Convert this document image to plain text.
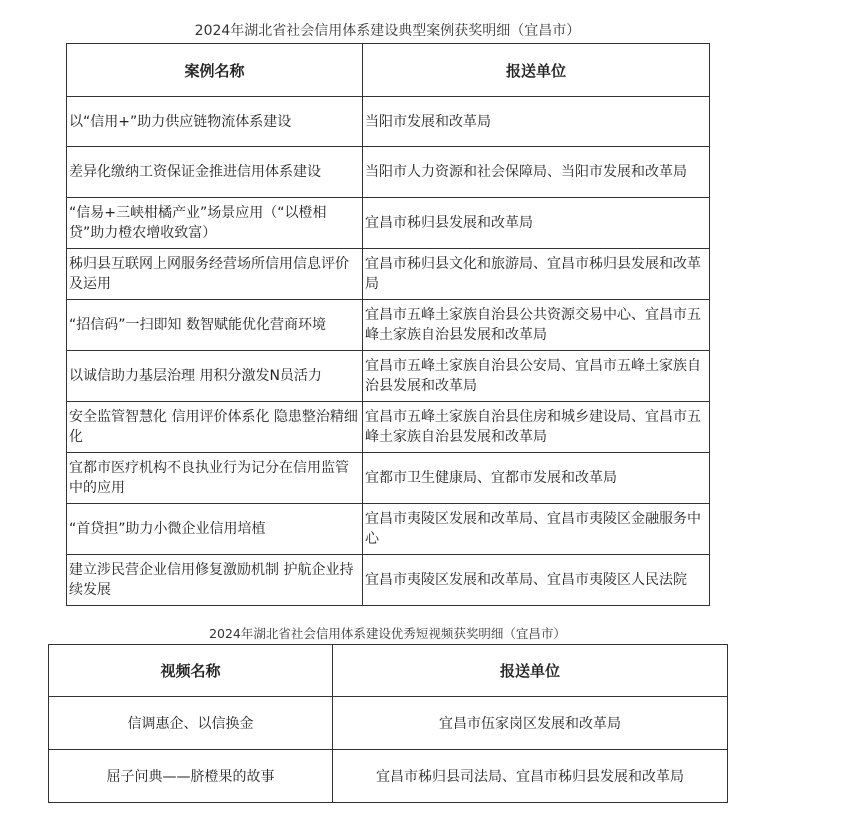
2024年湖北省社会信用体系建设典型案例获奖明细（宜昌市）
案例名称	报送单位
以“信用+”助力供应链物流体系建设	当阳市发展和改革局
差异化缴纳工资保证金推进信用体系建设	当阳市人力资源和社会保障局、当阳市发展和改革局
“信易+三峡柑橘产业”场景应用（“以橙相贷”助力橙农增收致富）	宜昌市秭归县发展和改革局
秭归县互联网上网服务经营场所信用信息评价及运用	宜昌市秭归县文化和旅游局、宜昌市秭归县发展和改革局
“招信码”一扫即知 数智赋能优化营商环境	宜昌市五峰土家族自治县公共资源交易中心、宜昌市五峰土家族自治县发展和改革局
以诚信助力基层治理 用积分激发N员活力	宜昌市五峰土家族自治县公安局、宜昌市五峰土家族自治县发展和改革局
安全监管智慧化 信用评价体系化 隐患整治精细化	宜昌市五峰土家族自治县住房和城乡建设局、宜昌市五峰土家族自治县发展和改革局
宜都市医疗机构不良执业行为记分在信用监管中的应用	宜都市卫生健康局、宜都市发展和改革局
“首贷担”助力小微企业信用培植	宜昌市夷陵区发展和改革局、宜昌市夷陵区金融服务中心
建立涉民营企业信用修复激励机制 护航企业持续发展	宜昌市夷陵区发展和改革局、宜昌市夷陵区人民法院
2024年湖北省社会信用体系建设优秀短视频获奖明细（宜昌市）
视频名称	报送单位
信调惠企、以信换金	宜昌市伍家岗区发展和改革局
屈子问典——脐橙果的故事	宜昌市秭归县司法局、宜昌市秭归县发展和改革局
